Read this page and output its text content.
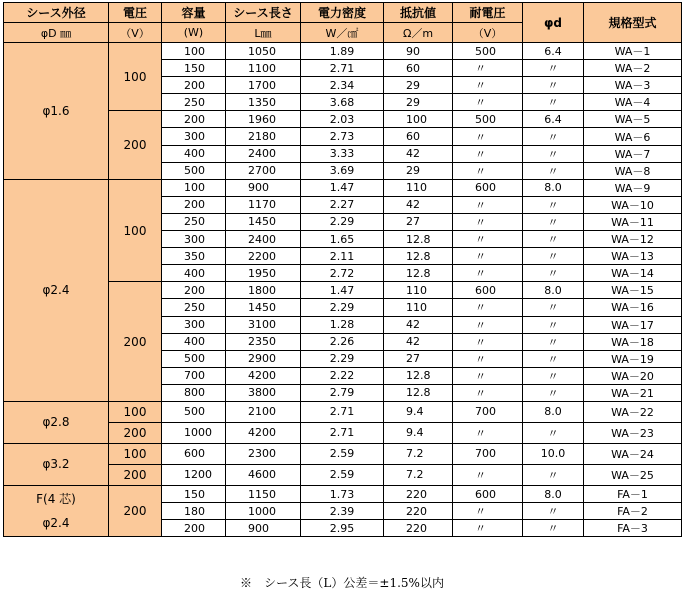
シース外径	電圧	容量	シース長さ	電力密度	抵抗値	耐電圧	φd	規格型式
φD ㎜	（V）	(W)	L㎜	W／㎠	Ω／m	（V）		

φ1.6	100	100	1050	1.89	90	500	6.4	WA－1
		150	1100	2.71	60	〃	〃	WA－2
		200	1700	2.34	29	〃	〃	WA－3
		250	1350	3.68	29	〃	〃	WA－4
	200	200	1960	2.03	100	500	6.4	WA－5
		300	2180	2.73	60	〃	〃	WA－6
		400	2400	3.33	42	〃	〃	WA－7
		500	2700	3.69	29	〃	〃	WA－8

φ2.4	100	100	900	1.47	110	600	8.0	WA－9
		200	1170	2.27	42	〃	〃	WA－10
		250	1450	2.29	27	〃	〃	WA－11
		300	2400	1.65	12.8	〃	〃	WA－12
		350	2200	2.11	12.8	〃	〃	WA－13
		400	1950	2.72	12.8	〃	〃	WA－14
	200	200	1800	1.47	110	600	8.0	WA－15
		250	1450	2.29	110	〃	〃	WA－16
		300	3100	1.28	42	〃	〃	WA－17
		400	2350	2.26	42	〃	〃	WA－18
		500	2900	2.29	27	〃	〃	WA－19
		700	4200	2.22	12.8	〃	〃	WA－20
		800	3800	2.79	12.8	〃	〃	WA－21

φ2.8	100	500	2100	2.71	9.4	700	8.0	WA－22
	200	1000	4200	2.71	9.4	〃	〃	WA－23

φ3.2	100	600	2300	2.59	7.2	700	10.0	WA－24
	200	1200	4600	2.59	7.2	〃	〃	WA－25

F(4 芯)
φ2.4	200	150	1150	1.73	220	600	8.0	FA－1
		180	1000	2.39	220	〃	〃	FA－2
		200	900	2.95	220	〃	〃	FA－3
※　シース長（L）公差＝±1.5%以内
